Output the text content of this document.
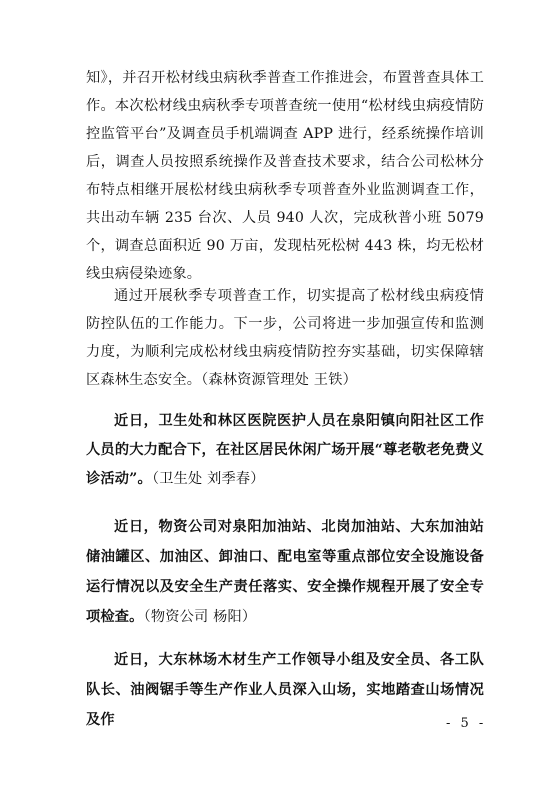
知》，并召开松材线虫病秋季普查工作推进会，布置普查具体工作。本次松材线虫病秋季专项普查统一使用“松材线虫病疫情防控监管平台”及调查员手机端调查 APP 进行，经系统操作培训后，调查人员按照系统操作及普查技术要求，结合公司松林分布特点相继开展松材线虫病秋季专项普查外业监测调查工作，共出动车辆 235 台次、人员 940 人次，完成秋普小班 5079 个，调查总面积近 90 万亩，发现枯死松树 443 株，均无松材线虫病侵染迹象。

通过开展秋季专项普查工作，切实提高了松材线虫病疫情防控队伍的工作能力。下一步，公司将进一步加强宣传和监测力度，为顺利完成松材线虫病疫情防控夯实基础，切实保障辖区森林生态安全。（森林资源管理处 王铁）

近日，卫生处和林区医院医护人员在泉阳镇向阳社区工作人员的大力配合下，在社区居民休闲广场开展“尊老敬老免费义诊活动”。（卫生处 刘季春）

近日，物资公司对泉阳加油站、北岗加油站、大东加油站储油罐区、加油区、卸油口、配电室等重点部位安全设施设备运行情况以及安全生产责任落实、安全操作规程开展了安全专项检查。（物资公司 杨阳）

近日，大东林场木材生产工作领导小组及安全员、各工队队长、油阀锯手等生产作业人员深入山场，实地踏查山场情况及作	- 5 -
